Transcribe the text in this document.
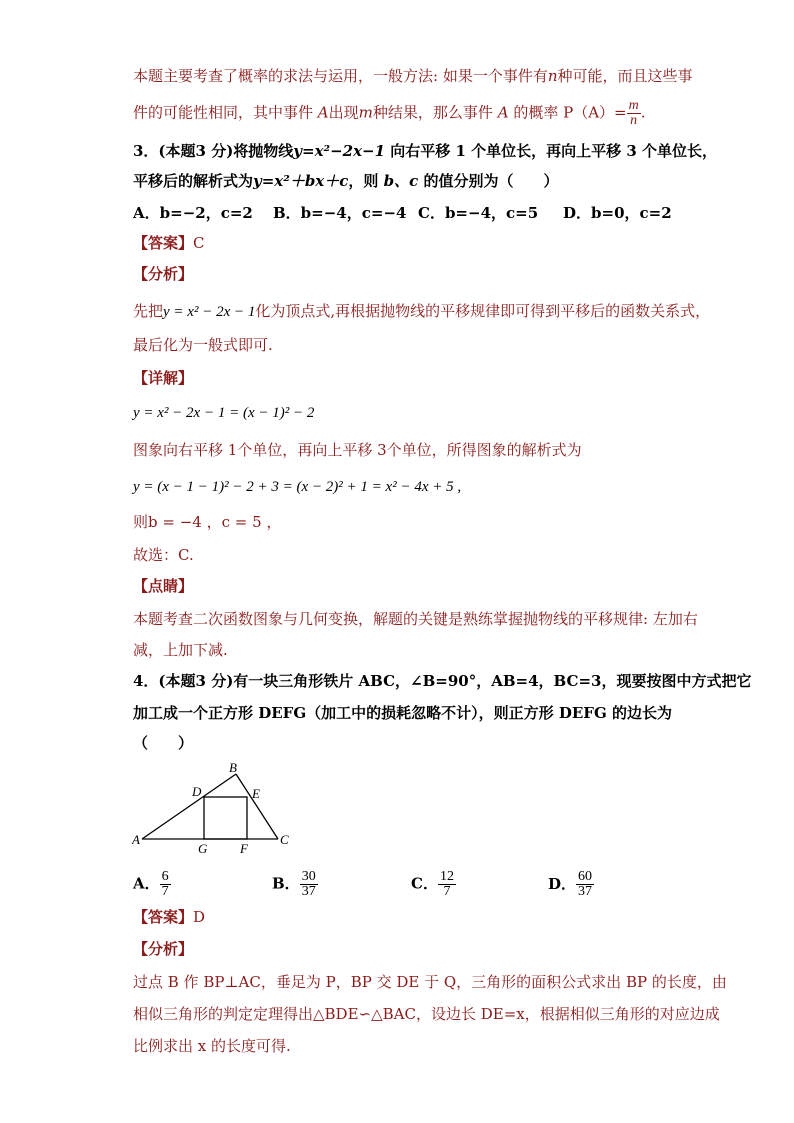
本题主要考查了概率的求法与运用，一般方法: 如果一个事件有n种可能，而且这些事
件的可能性相同，其中事件 A出现m种结果，那么事件 A 的概率 $P(A)= \frac{m}{n}$ .
3．(本题3 分)将抛物线y=x²−2x−1 向右平移 1 个单位长，再向上平移 3 个单位长，
平移后的解析式为y=x²＋bx＋c，则 b、c 的值分别为（　　）
A．b=−2，c=2 B．b=−4，c=−4 C．b=−4，c=5 D．b=0，c=2
【答案】C
【分析】
先把y = x² − 2x − 1化为顶点式,再根据抛物线的平移规律即可得到平移后的函数关系式，
最后化为一般式即可.
【详解】
y = x² − 2x − 1 = (x − 1)² − 2
图象向右平移 1个单位，再向上平移 3个单位，所得图象的解析式为
y = (x − 1 − 1)² − 2 + 3 = (x − 2)² + 1 = x² − 4x + 5 ,
则b = −4 ，c = 5 ，
故选：C.
【点睛】
本题考查二次函数图象与几何变换，解题的关键是熟练掌握抛物线的平移规律: 左加右
减，上加下减.
4．(本题3 分)有一块三角形铁片 ABC，∠B=90°，AB=4，BC=3，现要按图中方式把它
加工成一个正方形 DEFG（加工中的损耗忽略不计），则正方形 DEFG 的边长为
（　　）
A
B
C
D	E
F
G
A． $\frac{6}{7}$	B． $\frac{30}{37}$	C． $\frac{12}{7}$	D． $\frac{60}{37}$
【答案】D
【分析】
过点 B 作 BP⊥AC，垂足为 P，BP 交 DE 于 Q，三角形的面积公式求出 BP 的长度，由
相似三角形的判定定理得出△BDE∽△BAC，设边长 DE=x，根据相似三角形的对应边成
比例求出 x 的长度可得.
